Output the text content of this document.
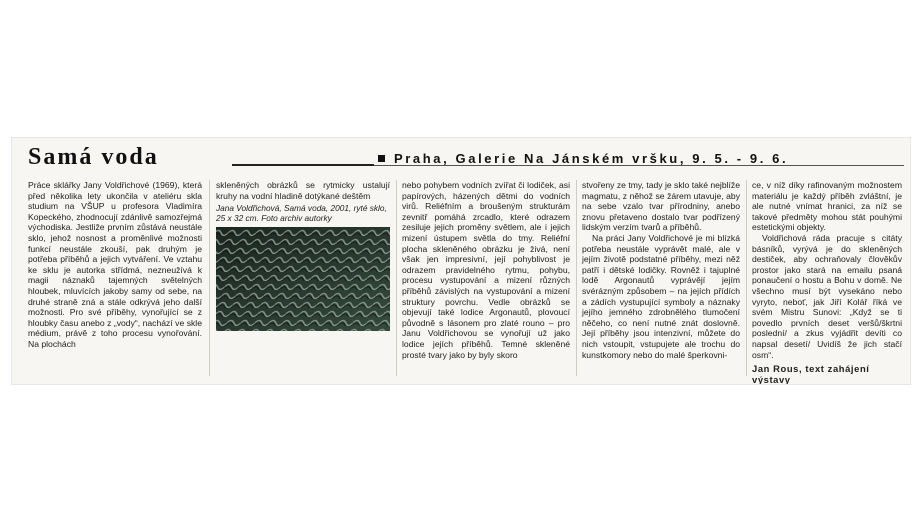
Samá voda	Praha, Galerie Na Jánském vršku, 9. 5. - 9. 6.

Práce sklářky Jany Voldřichové (1969), která před několika lety ukončila v ateliéru skla studium na VŠUP u profesora Vladimíra Kopeckého, zhodnocují zdánlivě samozřejmá východiska. Jestliže prvním zůstává neustále sklo, jehož nosnost a proměnlivé možnosti funkcí neustále zkouší, pak druhým je potřeba příběhů a jejich vytváření. Ve vztahu ke sklu je autorka střídmá, nezneužívá k magii náznaků tajemných světelných hloubek, mluvících jakoby samy od sebe, na druhé straně zná a stále odkrývá jeho další možnosti. Pro své příběhy, vynořující se z hloubky času anebo z „vody“, nachází ve skle médium, právě z toho procesu vynořování. Na plochách

skleněných obrázků se rytmicky ustalují kruhy na vodní hladině dotýkané deštěm

Jana Voldřichová, Samá voda, 2001, ryté sklo, 25 x 32 cm. Foto archiv autorky

nebo pohybem vodních zvířat či lodiček, asi papírových, házených dětmi do vodních virů. Reliéfním a broušeným strukturám zevnitř pomáhá zrcadlo, které odrazem zesiluje jejich proměny světlem, ale i jejich mizení ústupem světla do tmy. Reliéfní plocha skleněného obrázku je živá, není však jen impresivní, její pohyblivost je odrazem pravidelného rytmu, pohybu, procesu vystupování a mizení různých příběhů závislých na vystupování a mizení struktury povrchu. Vedle obrázků se objevují také lodice Argonautů, plovoucí původně s lásonem pro zlaté rouno – pro Janu Voldřichovou se vynořují už jako lodice jejích příběhů. Temné skleněné prosté tvary jako by byly skoro

stvořeny ze tmy, tady je sklo také nejblíže magmatu, z něhož se žárem utavuje, aby na sebe vzalo tvar přírodniny, anebo znovu přetaveno dostalo tvar podřízený lidským verzím tvarů a příběhů.

Na práci Jany Voldřichové je mi blízká potřeba neustále vyprávět malé, ale v jejím životě podstatné příběhy, mezi něž patří i dětské lodičky. Rovněž i tajuplné lodě Argonautů vyprávějí jejím svérázným způsobem – na jejích přídích a zádích vystupující symboly a náznaky jejího jemného zdrobnělého tlumočení něčeho, co není nutné znát doslovně. Její příběhy jsou intenzivní, můžete do nich vstoupit, vstupujete ale trochu do kunstkomory nebo do malé šperkovni-

ce, v níž díky rafinovaným možnostem materiálu je každý příběh zvláštní, je ale nutné vnímat hranici, za níž se takové předměty mohou stát pouhými estetickými objekty.

Voldřichová ráda pracuje s citáty básníků, vyrývá je do skleněných destiček, aby ochraňovaly člověkův prostor jako stará na emailu psaná ponaučení o hostu a Bohu v domě. Ne všechno musí být vysekáno nebo vyryto, neboť, jak Jiří Kolář říká ve svém Mistru Sunovi: „Když se ti povedlo prvních deset veršů/škrtni poslední/ a zkus vyjádřit devíti co napsal desetí/ Uvidíš že jich stačí osm“.

Jan Rous, text zahájení výstavy
